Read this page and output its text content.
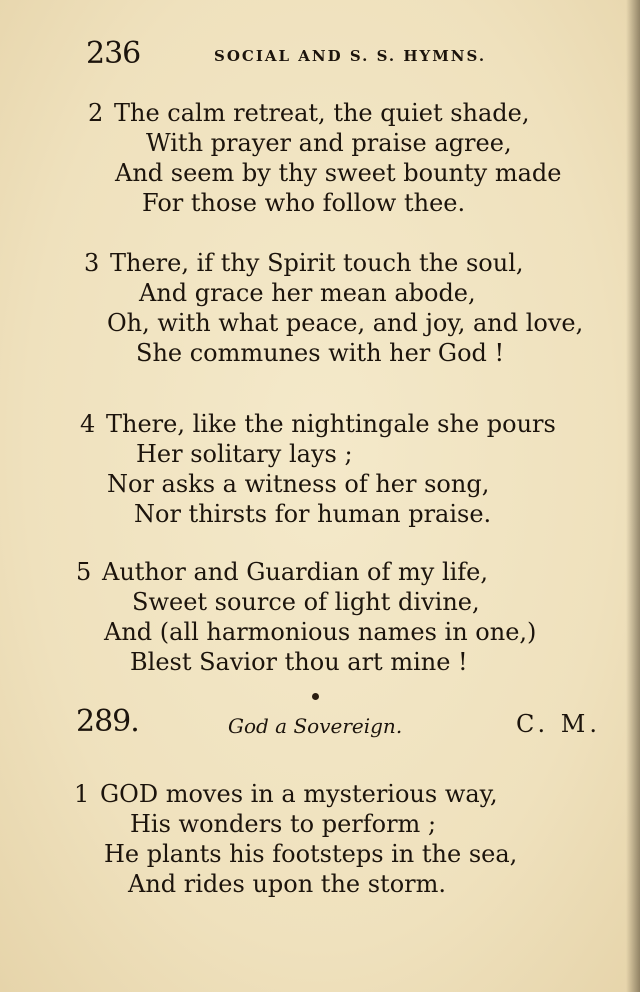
236	SOCIAL AND S. S. HYMNS.
2 The calm retreat, the quiet shade,
With prayer and praise agree,
And seem by thy sweet bounty made
For those who follow thee.
3 There, if thy Spirit touch the soul,
And grace her mean abode,
Oh, with what peace, and joy, and love,
She communes with her God !
4 There, like the nightingale she pours
Her solitary lays ;
Nor asks a witness of her song,
Nor thirsts for human praise.
5 Author and Guardian of my life,
Sweet source of light divine,
And (all harmonious names in one,)
Blest Savior thou art mine !
289.	God a Sovereign.	C. M.
1 GOD moves in a mysterious way,
His wonders to perform ;
He plants his footsteps in the sea,
And rides upon the storm.
